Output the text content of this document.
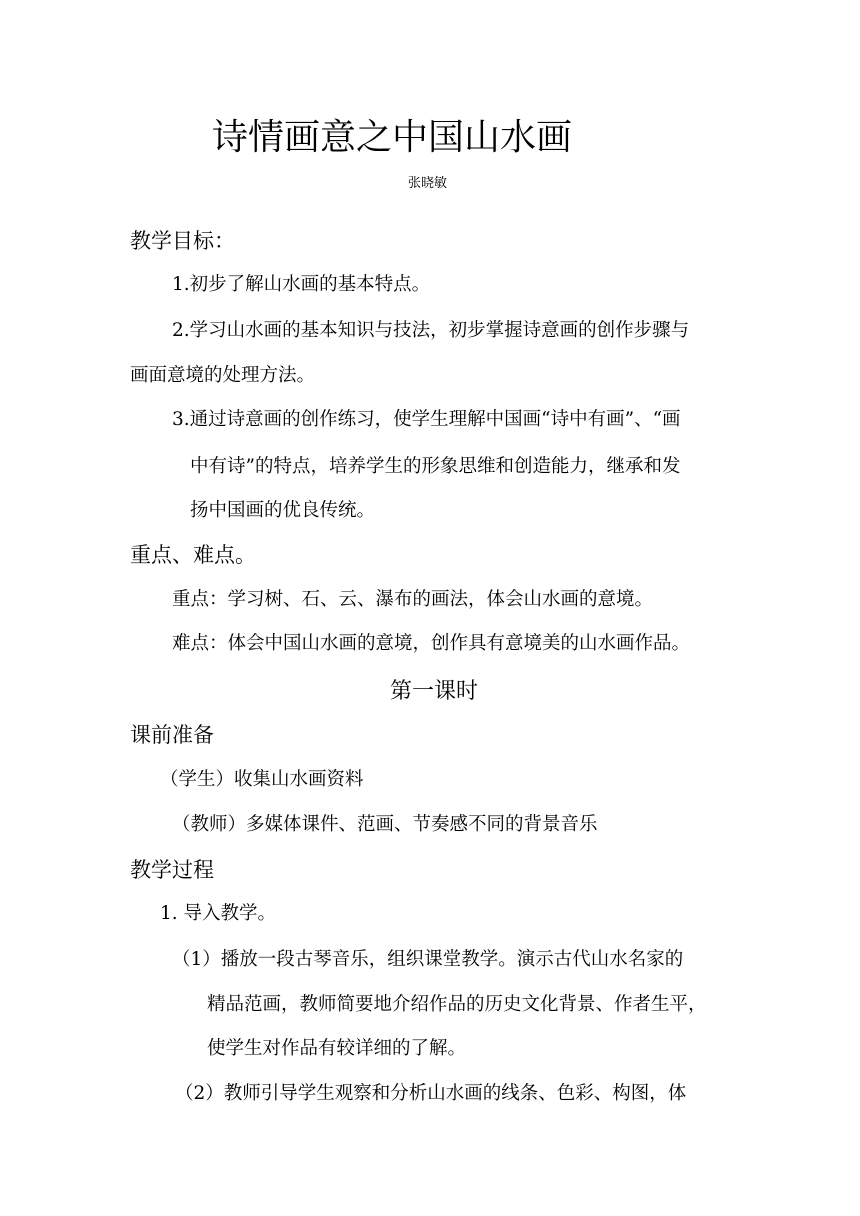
诗情画意之中国山水画
张晓敏
教学目标：
1.初步了解山水画的基本特点。
2.学习山水画的基本知识与技法，初步掌握诗意画的创作步骤与
画面意境的处理方法。
3.通过诗意画的创作练习，使学生理解中国画“诗中有画”、“画
中有诗”的特点，培养学生的形象思维和创造能力，继承和发
扬中国画的优良传统。
重点、难点。
重点：学习树、石、云、瀑布的画法，体会山水画的意境。
难点：体会中国山水画的意境，创作具有意境美的山水画作品。
第一课时
课前准备
（学生）收集山水画资料
（教师）多媒体课件、范画、节奏感不同的背景音乐
教学过程
1. 导入教学。
（1）播放一段古琴音乐，组织课堂教学。演示古代山水名家的
精品范画，教师简要地介绍作品的历史文化背景、作者生平，
使学生对作品有较详细的了解。
（2）教师引导学生观察和分析山水画的线条、色彩、构图，体
